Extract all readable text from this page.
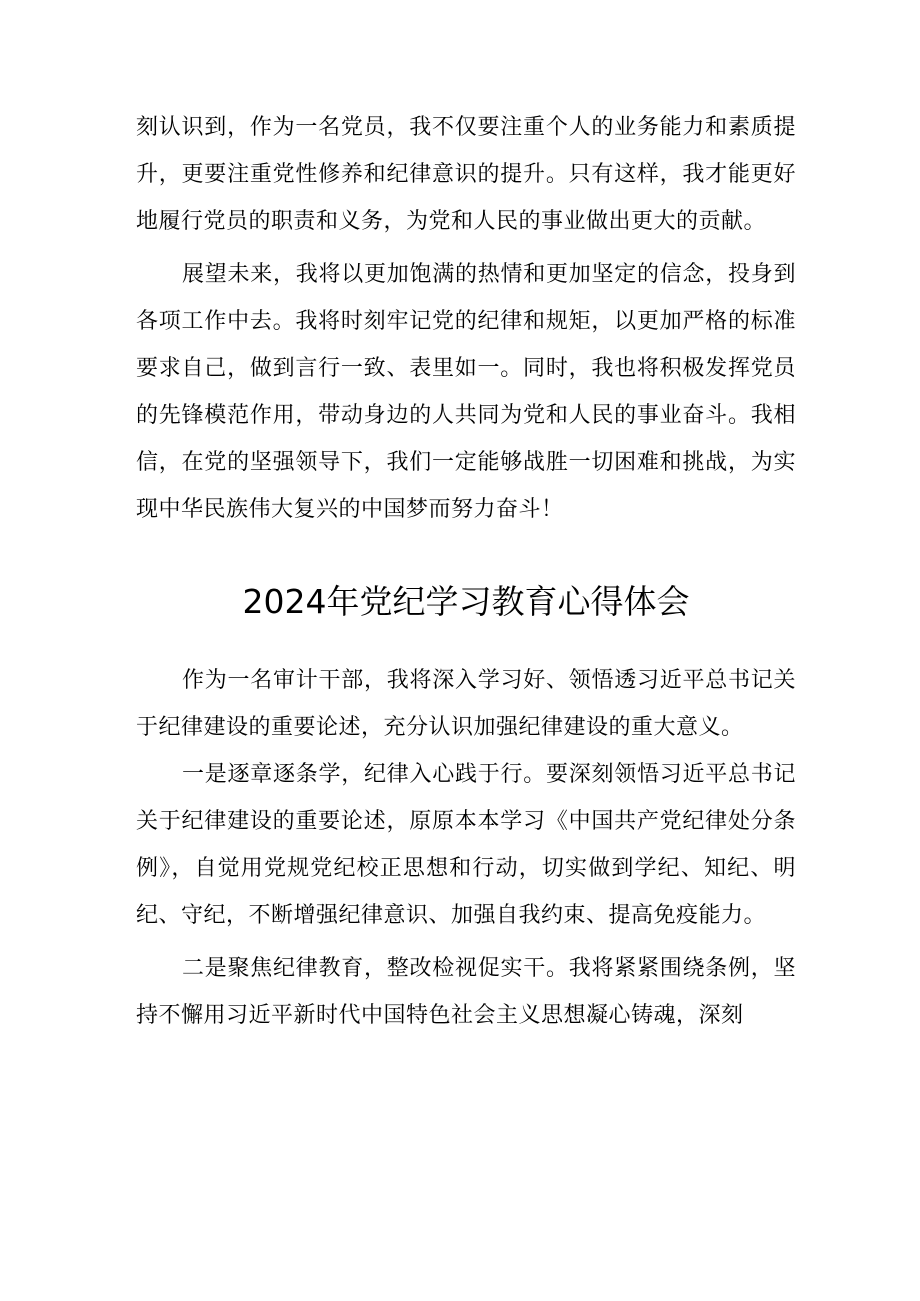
刻认识到，作为一名党员，我不仅要注重个人的业务能力和素质提升，更要注重党性修养和纪律意识的提升。只有这样，我才能更好地履行党员的职责和义务，为党和人民的事业做出更大的贡献。

展望未来，我将以更加饱满的热情和更加坚定的信念，投身到各项工作中去。我将时刻牢记党的纪律和规矩，以更加严格的标准要求自己，做到言行一致、表里如一。同时，我也将积极发挥党员的先锋模范作用，带动身边的人共同为党和人民的事业奋斗。我相信，在党的坚强领导下，我们一定能够战胜一切困难和挑战，为实现中华民族伟大复兴的中国梦而努力奋斗！

2024年党纪学习教育心得体会

作为一名审计干部，我将深入学习好、领悟透习近平总书记关于纪律建设的重要论述，充分认识加强纪律建设的重大意义。

一是逐章逐条学，纪律入心践于行。要深刻领悟习近平总书记关于纪律建设的重要论述，原原本本学习《中国共产党纪律处分条例》，自觉用党规党纪校正思想和行动，切实做到学纪、知纪、明纪、守纪，不断增强纪律意识、加强自我约束、提高免疫能力。

二是聚焦纪律教育，整改检视促实干。我将紧紧围绕条例，坚持不懈用习近平新时代中国特色社会主义思想凝心铸魂，深刻
